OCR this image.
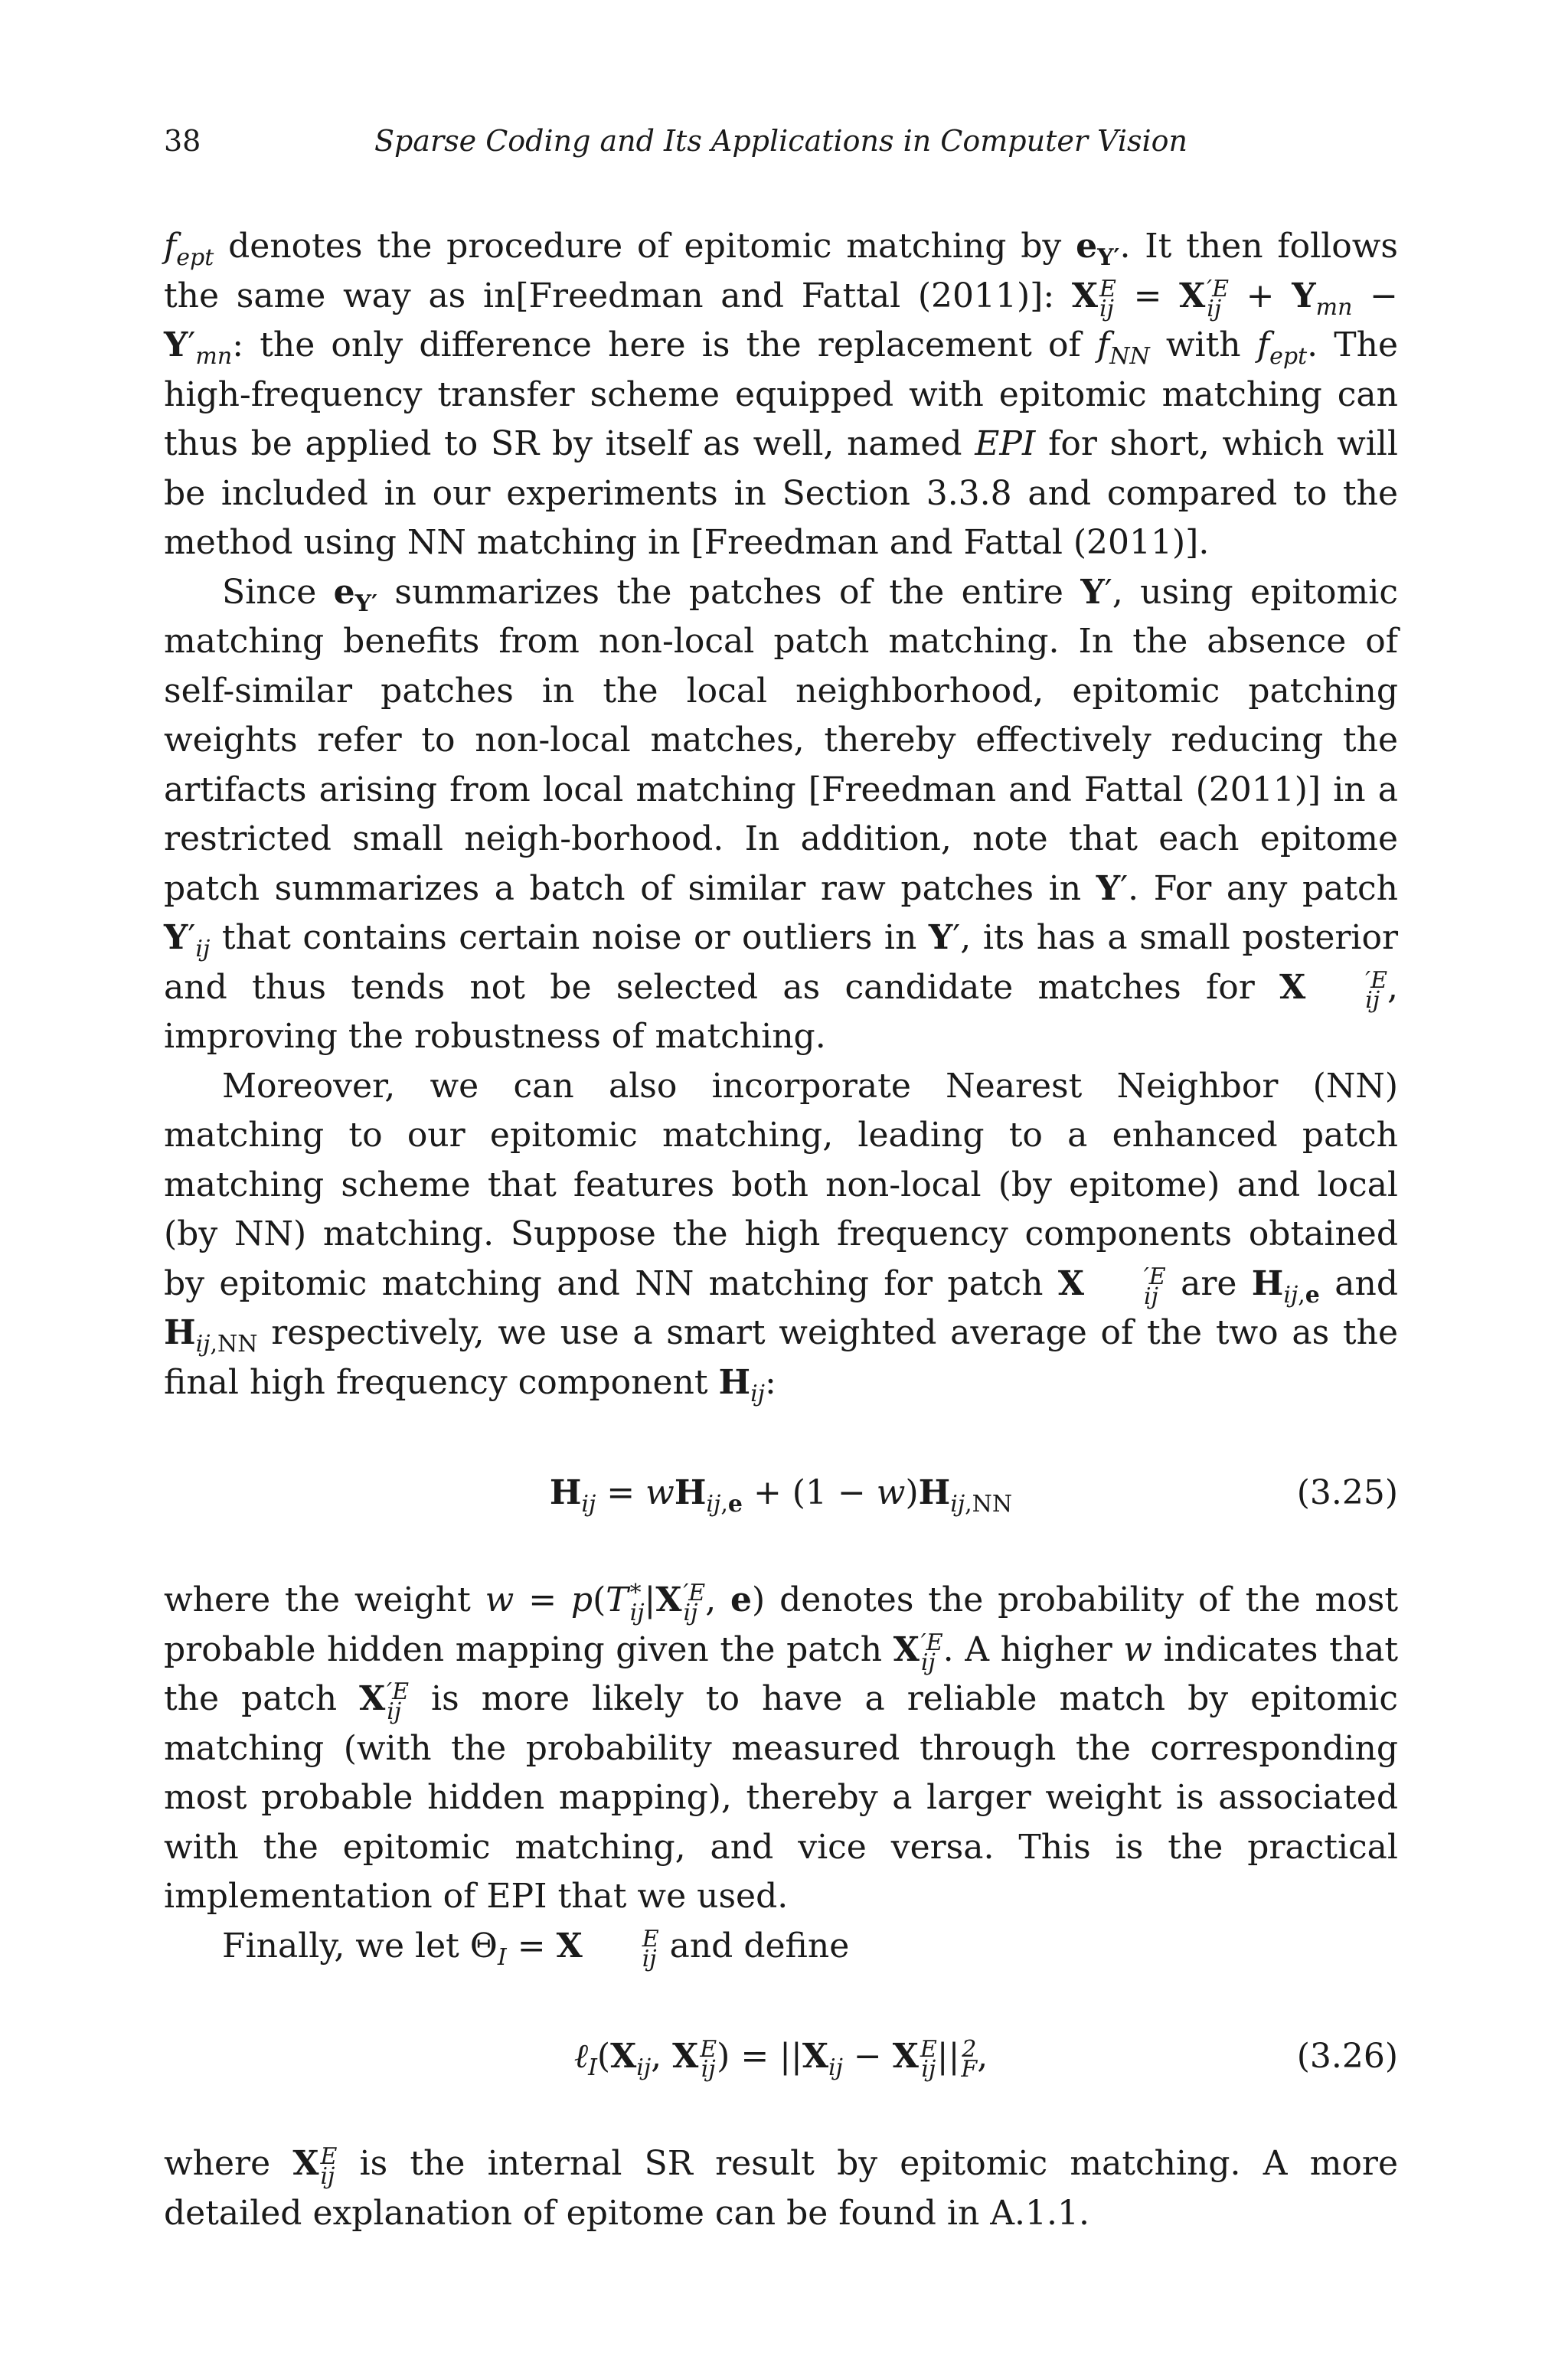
38	Sparse Coding and Its Applications in Computer Vision

$f_{ept}$ denotes the procedure of epitomic matching by $e_{Y'}$. It then follows the same way as in[Freedman and Fattal (2011)]: X E
ij = X ′E
ij + $Y_{mn} - Y'_{mn}$: the only difference here is the replacement of $f_{NN}$ with $f_{ept}$. The high-frequency transfer scheme equipped with epitomic matching can thus be applied to SR by itself as well, named EPI for short, which will be included in our experiments in Section 3.3.8 and compared to the method using NN matching in [Freedman and Fattal (2011)].

Since $e_{Y'}$ summarizes the patches of the entire Y′, using epitomic matching benefits from non-local patch matching. In the absence of self-similar patches in the local neighborhood, epitomic patching weights refer to non-local matches, thereby effectively reducing the artifacts arising from local matching [Freedman and Fattal (2011)] in a restricted small neigh-borhood. In addition, note that each epitome patch summarizes a batch of similar raw patches in Y′. For any patch $Y'_{ij}$ that contains certain noise or outliers in Y′, its has a small posterior and thus tends not be selected as candidate matches for X	′E
ij , improving the robustness of matching.

Moreover, we can also incorporate Nearest Neighbor (NN) matching to our epitomic matching, leading to a enhanced patch matching scheme that features both non-local (by epitome) and local (by NN) matching. Suppose the high frequency components obtained by epitomic matching and NN matching for patch X	′E
ij are $H_{ij,e}$ and $H_{ij,NN}$ respectively, we use a smart weighted average of the two as the final high frequency component $H_{ij}$:

$H_{ij} = wH_{ij,e} + (1 - w)H_{ij,NN}$	(3.25)

where the weight w = p(T *
ij |X ′E
ij , e) denotes the probability of the most probable hidden mapping given the patch X ′E
ij . A higher w indicates that the patch X ′E
ij is more likely to have a reliable match by epitomic matching (with the probability measured through the corresponding most probable hidden mapping), thereby a larger weight is associated with the epitomic matching, and vice versa. This is the practical implementation of EPI that we used.

Finally, we let $\Theta_I = X$	E
ij and define

$\ell_I(X_{ij}$, X E
ij ) = $||X_{ij} - X$ E
ij || 2
F ,	(3.26)

where X E
ij is the internal SR result by epitomic matching. A more detailed explanation of epitome can be found in A.1.1.
